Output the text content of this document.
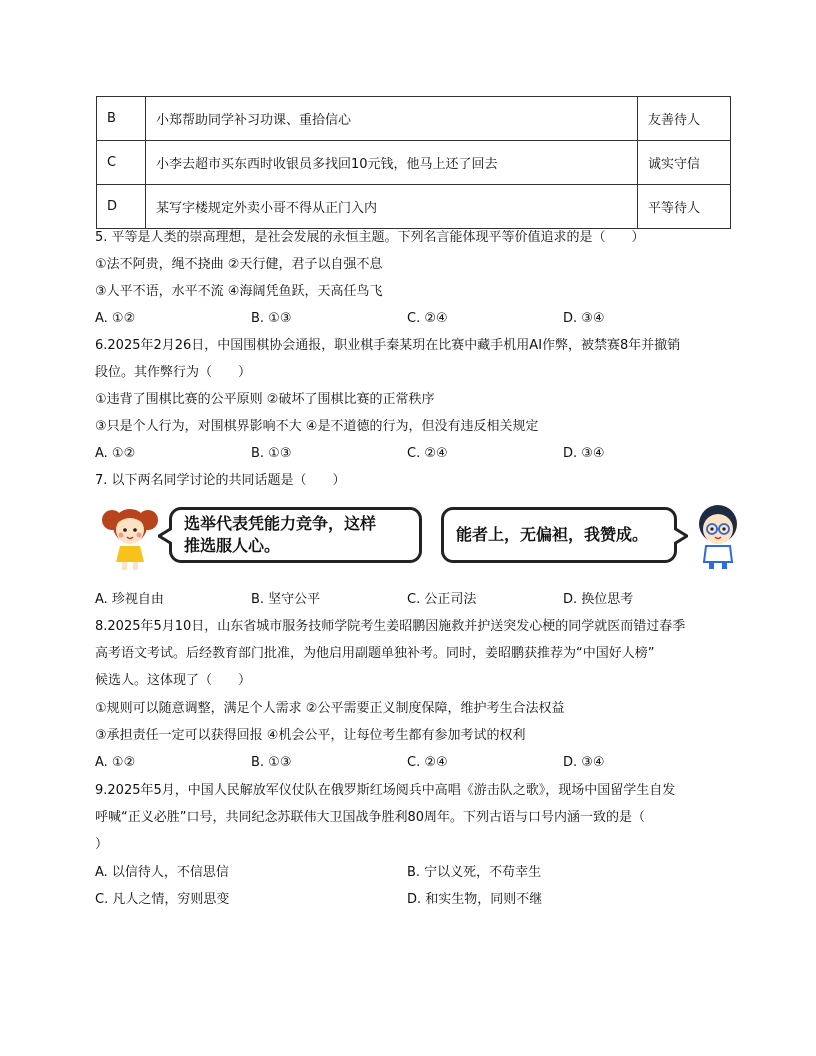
B	小郑帮助同学补习功课、重拾信心	友善待人
C	小李去超市买东西时收银员多找回10元钱，他马上还了回去	诚实守信
D	某写字楼规定外卖小哥不得从正门入内	平等待人
5. 平等是人类的崇高理想，是社会发展的永恒主题。下列名言能体现平等价值追求的是（　　）
①法不阿贵，绳不挠曲 ②天行健，君子以自强不息
③人平不语，水平不流 ④海阔凭鱼跃，天高任鸟飞
A. ①②	B. ①③	C. ②④	D. ③④
6.2025年2月26日，中国围棋协会通报，职业棋手秦某玥在比赛中藏手机用AI作弊，被禁赛8年并撤销
段位。其作弊行为（　　）
①违背了围棋比赛的公平原则 ②破坏了围棋比赛的正常秩序
③只是个人行为，对围棋界影响不大 ④是不道德的行为，但没有违反相关规定
A. ①②	B. ①③	C. ②④	D. ③④
7. 以下两名同学讨论的共同话题是（　　）
选举代表凭能力竞争，这样
推选服人心。
能者上，无偏袒，我赞成。
A. 珍视自由	B. 坚守公平	C. 公正司法	D. 换位思考
8.2025年5月10日，山东省城市服务技师学院考生姜昭鹏因施救并护送突发心梗的同学就医而错过春季
高考语文考试。后经教育部门批准，为他启用副题单独补考。同时，姜昭鹏获推荐为“中国好人榜”
候选人。这体现了（　　）
①规则可以随意调整，满足个人需求 ②公平需要正义制度保障，维护考生合法权益
③承担责任一定可以获得回报 ④机会公平，让每位考生都有参加考试的权利
A. ①②	B. ①③	C. ②④	D. ③④
9.2025年5月，中国人民解放军仪仗队在俄罗斯红场阅兵中高唱《游击队之歌》，现场中国留学生自发
呼喊“正义必胜”口号，共同纪念苏联伟大卫国战争胜利80周年。下列古语与口号内涵一致的是（
）
A. 以信待人，不信思信	B. 宁以义死，不苟幸生
C. 凡人之情，穷则思变	D. 和实生物，同则不继
